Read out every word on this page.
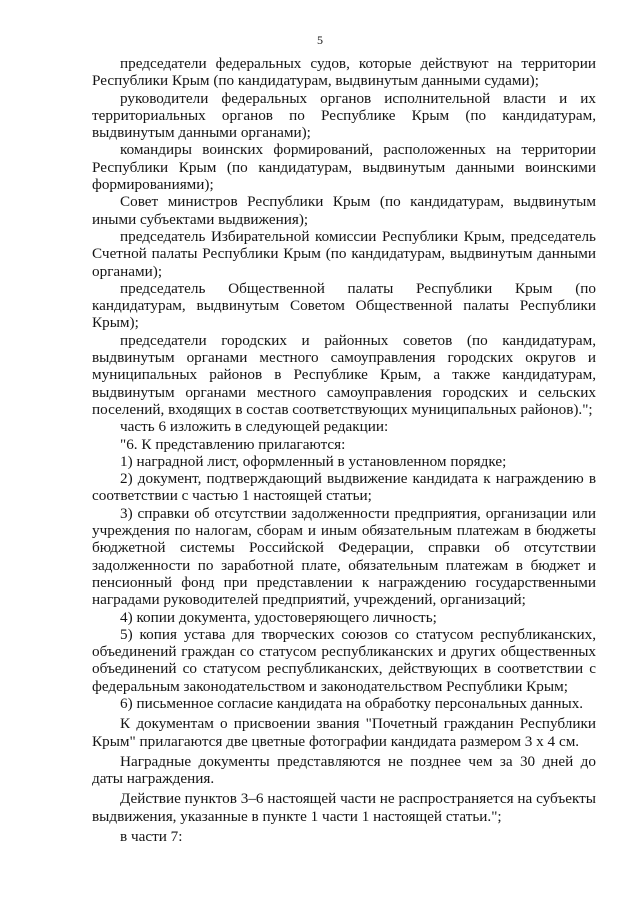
5

председатели федеральных судов, которые действуют на территории Республики Крым (по кандидатурам, выдвинутым данными судами);

руководители федеральных органов исполнительной власти и их территориальных органов по Республике Крым (по кандидатурам, выдвинутым данными органами);

командиры воинских формирований, расположенных на территории Республики Крым (по кандидатурам, выдвинутым данными воинскими формированиями);

Совет министров Республики Крым (по кандидатурам, выдвинутым иными субъектами выдвижения);

председатель Избирательной комиссии Республики Крым, председатель Счетной палаты Республики Крым (по кандидатурам, выдвинутым данными органами);

председатель Общественной палаты Республики Крым (по кандидатурам, выдвинутым Советом Общественной палаты Республики Крым);

председатели городских и районных советов (по кандидатурам, выдвинутым органами местного самоуправления городских округов и муниципальных районов в Республике Крым, а также кандидатурам, выдвинутым органами местного самоуправления городских и сельских поселений, входящих в состав соответствующих муниципальных районов).";

часть 6 изложить в следующей редакции:

"6. К представлению прилагаются:

1) наградной лист, оформленный в установленном порядке;

2) документ, подтверждающий выдвижение кандидата к награждению в соответствии с частью 1 настоящей статьи;

3) справки об отсутствии задолженности предприятия, организации или учреждения по налогам, сборам и иным обязательным платежам в бюджеты бюджетной системы Российской Федерации, справки об отсутствии задолженности по заработной плате, обязательным платежам в бюджет и пенсионный фонд при представлении к награждению государственными наградами руководителей предприятий, учреждений, организаций;

4) копии документа, удостоверяющего личность;

5) копия устава для творческих союзов со статусом республиканских, объединений граждан со статусом республиканских и других общественных объединений со статусом республиканских, действующих в соответствии с федеральным законодательством и законодательством Республики Крым;

6) письменное согласие кандидата на обработку персональных данных.

К документам о присвоении звания "Почетный гражданин Республики Крым" прилагаются две цветные фотографии кандидата размером 3 х 4 см.

Наградные документы представляются не позднее чем за 30 дней до даты награждения.

Действие пунктов 3–6 настоящей части не распространяется на субъекты выдвижения, указанные в пункте 1 части 1 настоящей статьи.";

в части 7:
